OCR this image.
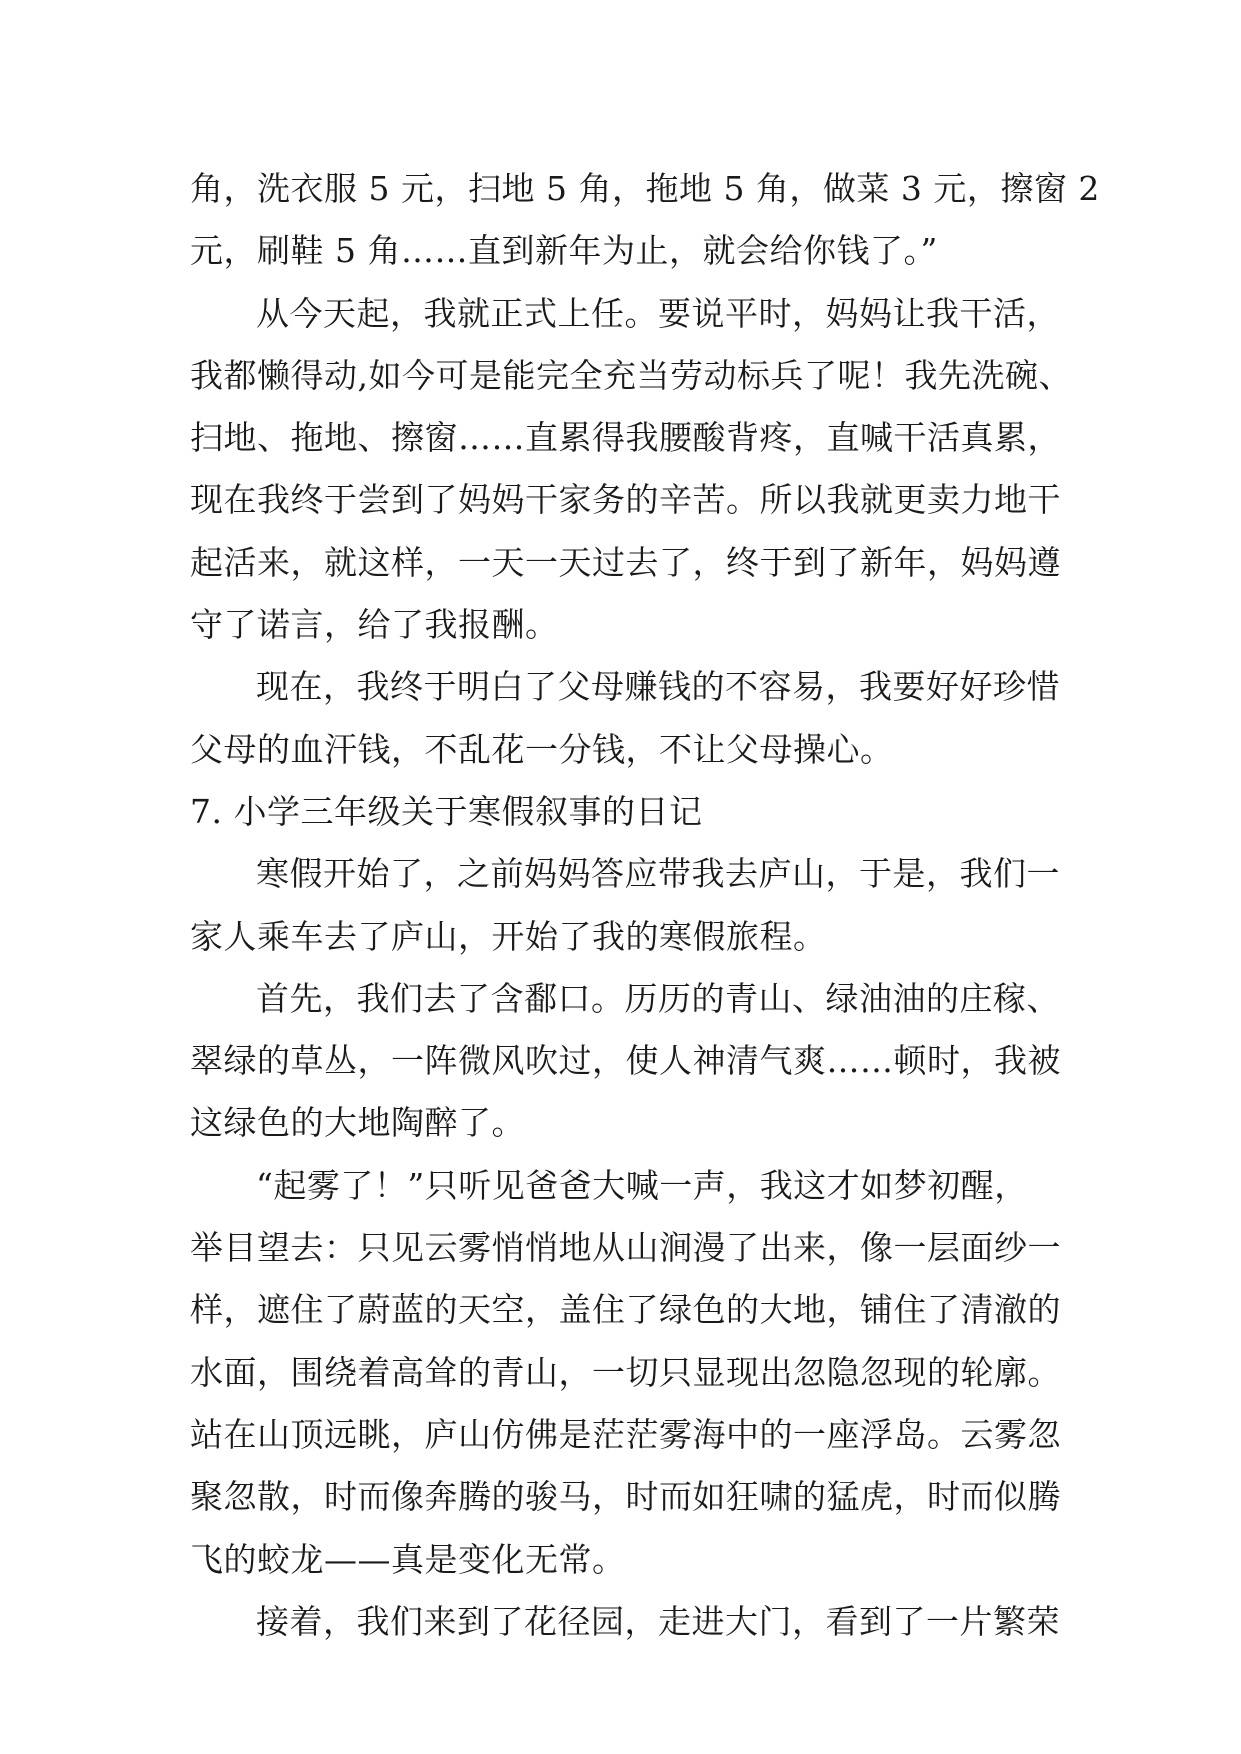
角，洗衣服 5 元，扫地 5 角，拖地 5 角，做菜 3 元，擦窗 2
元，刷鞋 5 角……直到新年为止，就会给你钱了。”
从今天起，我就正式上任。要说平时，妈妈让我干活，
我都懒得动,如今可是能完全充当劳动标兵了呢！我先洗碗、
扫地、拖地、擦窗……直累得我腰酸背疼，直喊干活真累，
现在我终于尝到了妈妈干家务的辛苦。所以我就更卖力地干
起活来，就这样，一天一天过去了，终于到了新年，妈妈遵
守了诺言，给了我报酬。
现在，我终于明白了父母赚钱的不容易，我要好好珍惜
父母的血汗钱，不乱花一分钱，不让父母操心。
7. 小学三年级关于寒假叙事的日记
寒假开始了，之前妈妈答应带我去庐山，于是，我们一
家人乘车去了庐山，开始了我的寒假旅程。
首先，我们去了含鄱口。历历的青山、绿油油的庄稼、
翠绿的草丛，一阵微风吹过，使人神清气爽……顿时，我被
这绿色的大地陶醉了。
“起雾了！”只听见爸爸大喊一声，我这才如梦初醒，
举目望去：只见云雾悄悄地从山涧漫了出来，像一层面纱一
样，遮住了蔚蓝的天空，盖住了绿色的大地，铺住了清澈的
水面，围绕着高耸的青山，一切只显现出忽隐忽现的轮廓。
站在山顶远眺，庐山仿佛是茫茫雾海中的一座浮岛。云雾忽
聚忽散，时而像奔腾的骏马，时而如狂啸的猛虎，时而似腾
飞的蛟龙——真是变化无常。
接着，我们来到了花径园，走进大门，看到了一片繁荣
